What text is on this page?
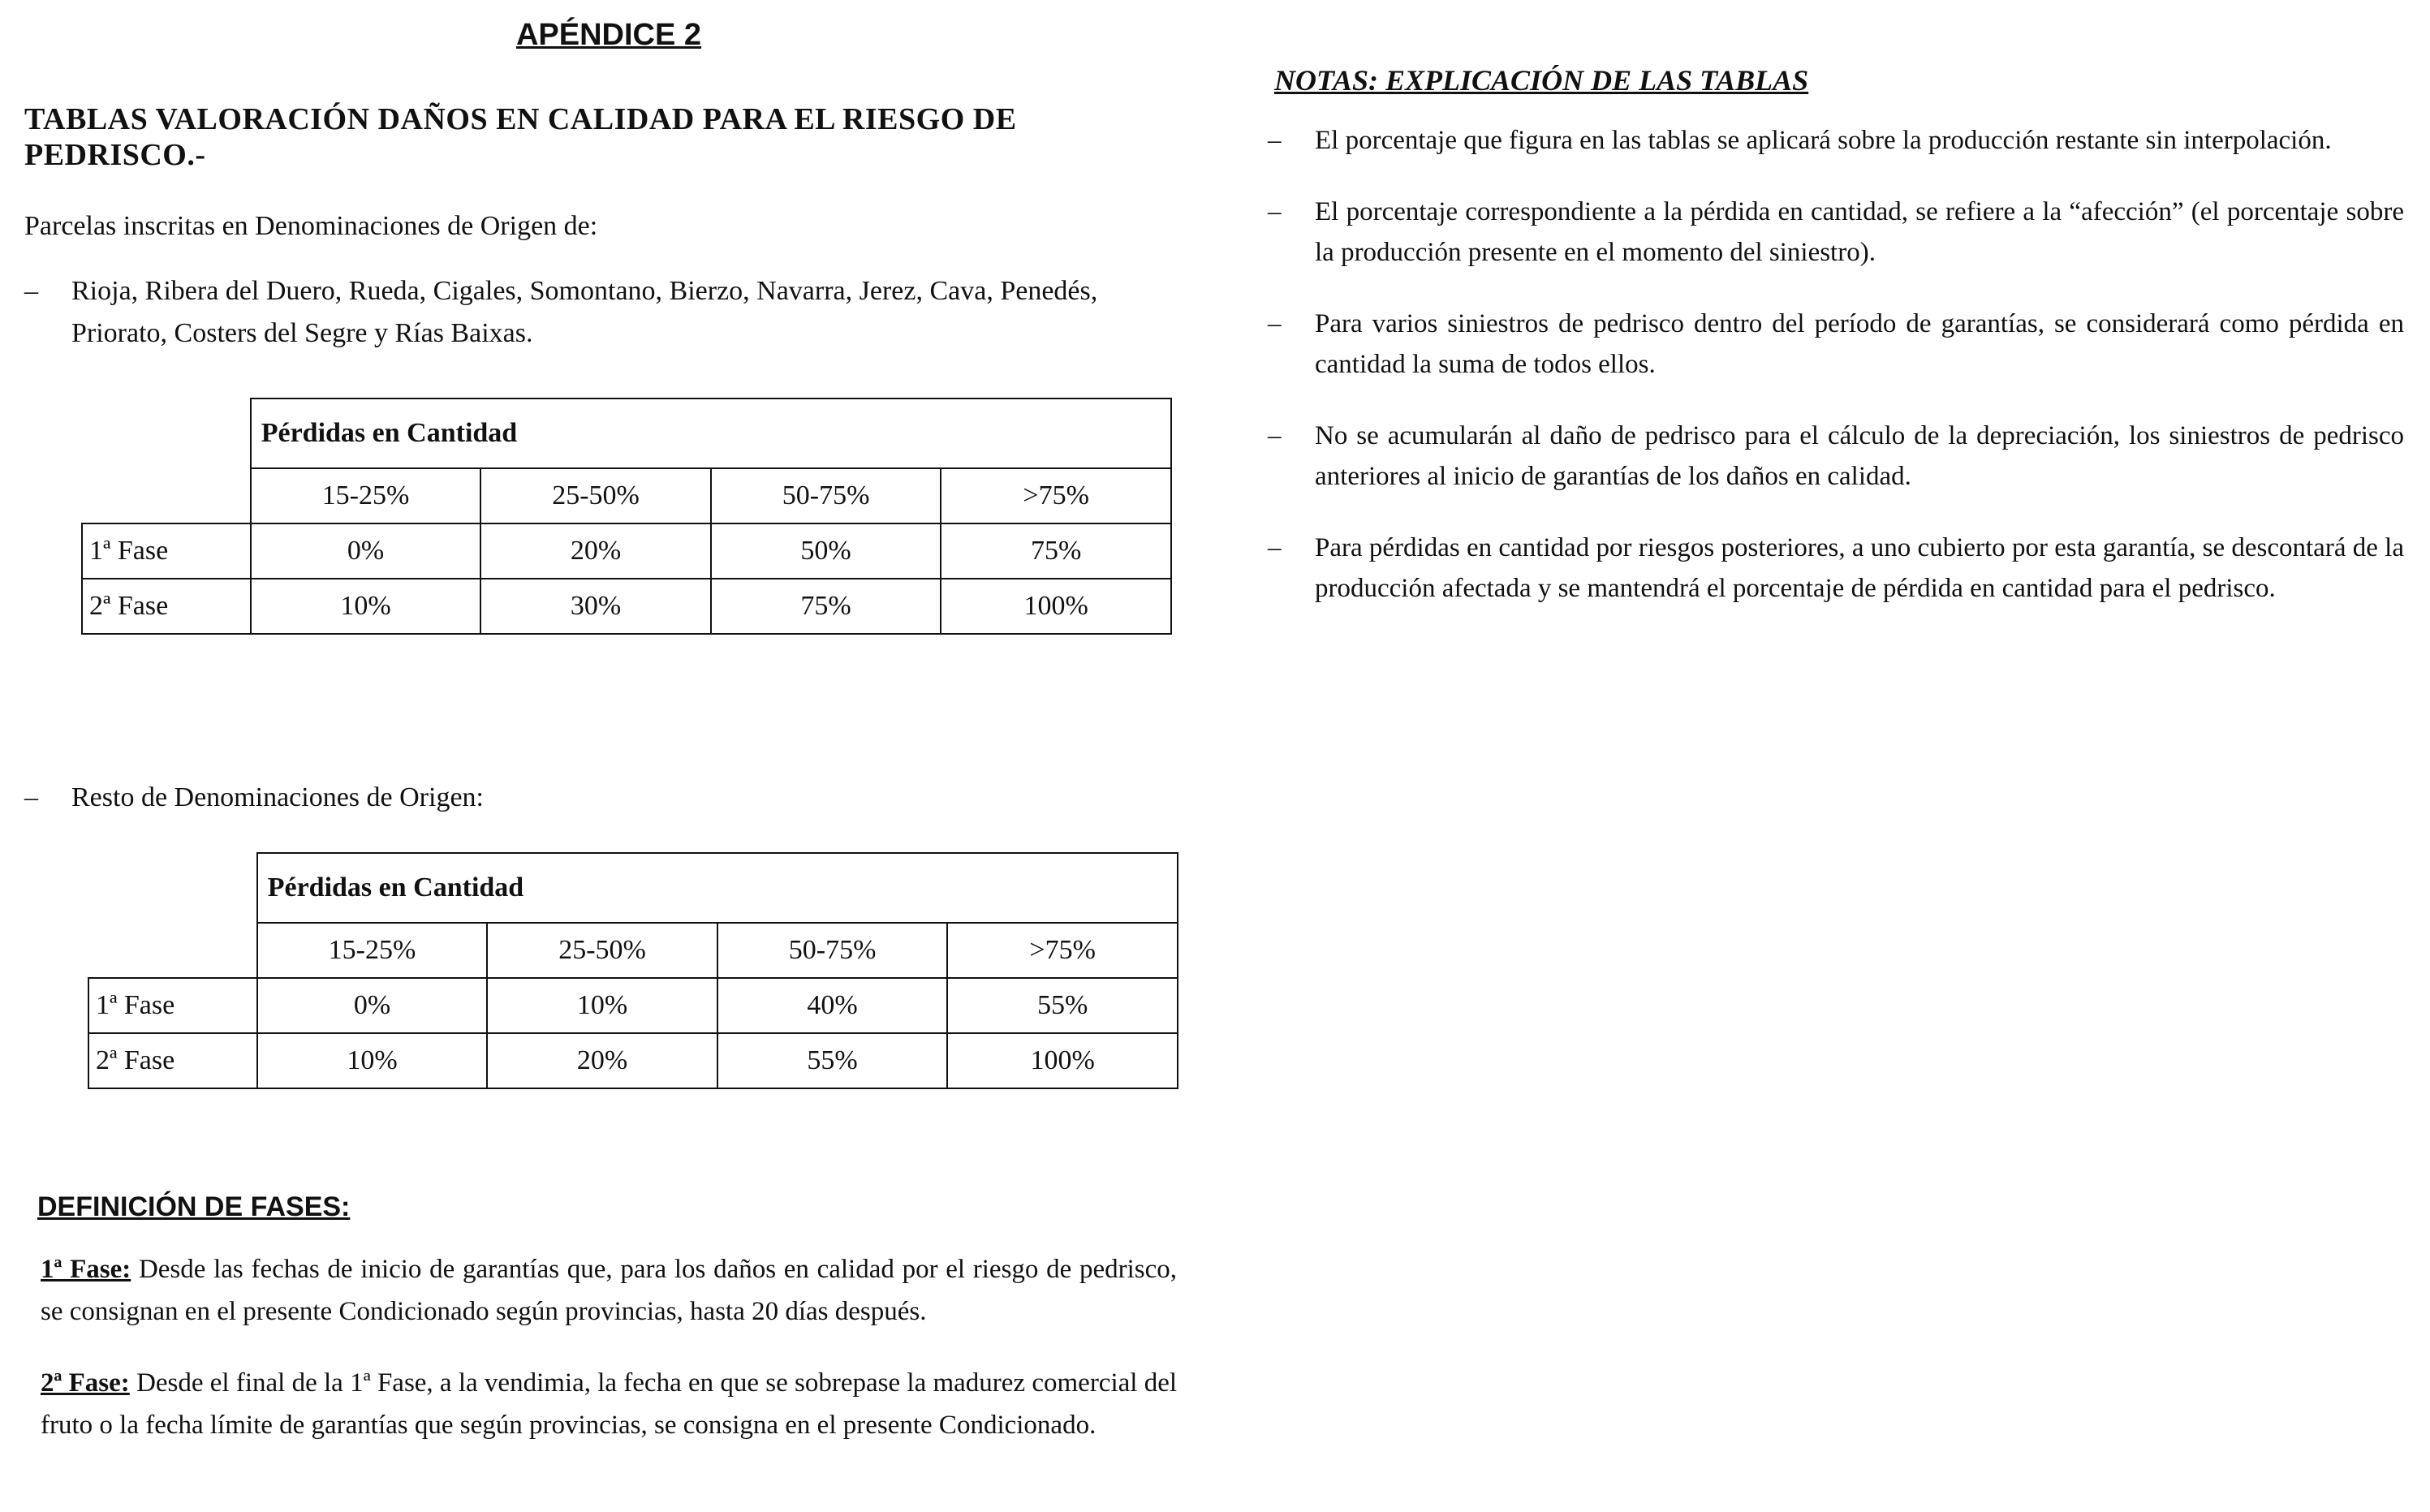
APÉNDICE 2
TABLAS VALORACIÓN DAÑOS EN CALIDAD PARA EL RIESGO DE PEDRISCO.-

Parcelas inscritas en Denominaciones de Origen de:

– Rioja, Ribera del Duero, Rueda, Cigales, Somontano, Bierzo, Navarra, Jerez, Cava, Penedés, Priorato, Costers del Segre y Rías Baixas.
– Resto de Denominaciones de Origen:
	Pérdidas en Cantidad			
	15-25%	25-50%	50-75%	>75%
1ª Fase	0%	20%	50%	75%
2ª Fase	10%	30%	75%	100%
	Pérdidas en Cantidad			
	15-25%	25-50%	50-75%	>75%
1ª Fase	0%	10%	40%	55%
2ª Fase	10%	20%	55%	100%
DEFINICIÓN DE FASES:

1ª Fase: Desde las fechas de inicio de garantías que, para los daños en calidad por el riesgo de pedrisco, se consignan en el presente Condicionado según provincias, hasta 20 días después.

2ª Fase: Desde el final de la 1ª Fase, a la vendimia, la fecha en que se sobrepase la madurez comercial del fruto o la fecha límite de garantías que según provincias, se consigna en el presente Condicionado.

NOTAS: EXPLICACIÓN DE LAS TABLAS
– El porcentaje que figura en las tablas se aplicará sobre la producción restante sin interpolación.
– El porcentaje correspondiente a la pérdida en cantidad, se refiere a la “afección” (el porcentaje sobre la producción presente en el momento del siniestro).
– Para varios siniestros de pedrisco dentro del período de garantías, se considerará como pérdida en cantidad la suma de todos ellos.
– No se acumularán al daño de pedrisco para el cálculo de la depreciación, los siniestros de pedrisco anteriores al inicio de garantías de los daños en calidad.
– Para pérdidas en cantidad por riesgos posteriores, a uno cubierto por esta garantía, se descontará de la producción afectada y se mantendrá el porcentaje de pérdida en cantidad para el pedrisco.
